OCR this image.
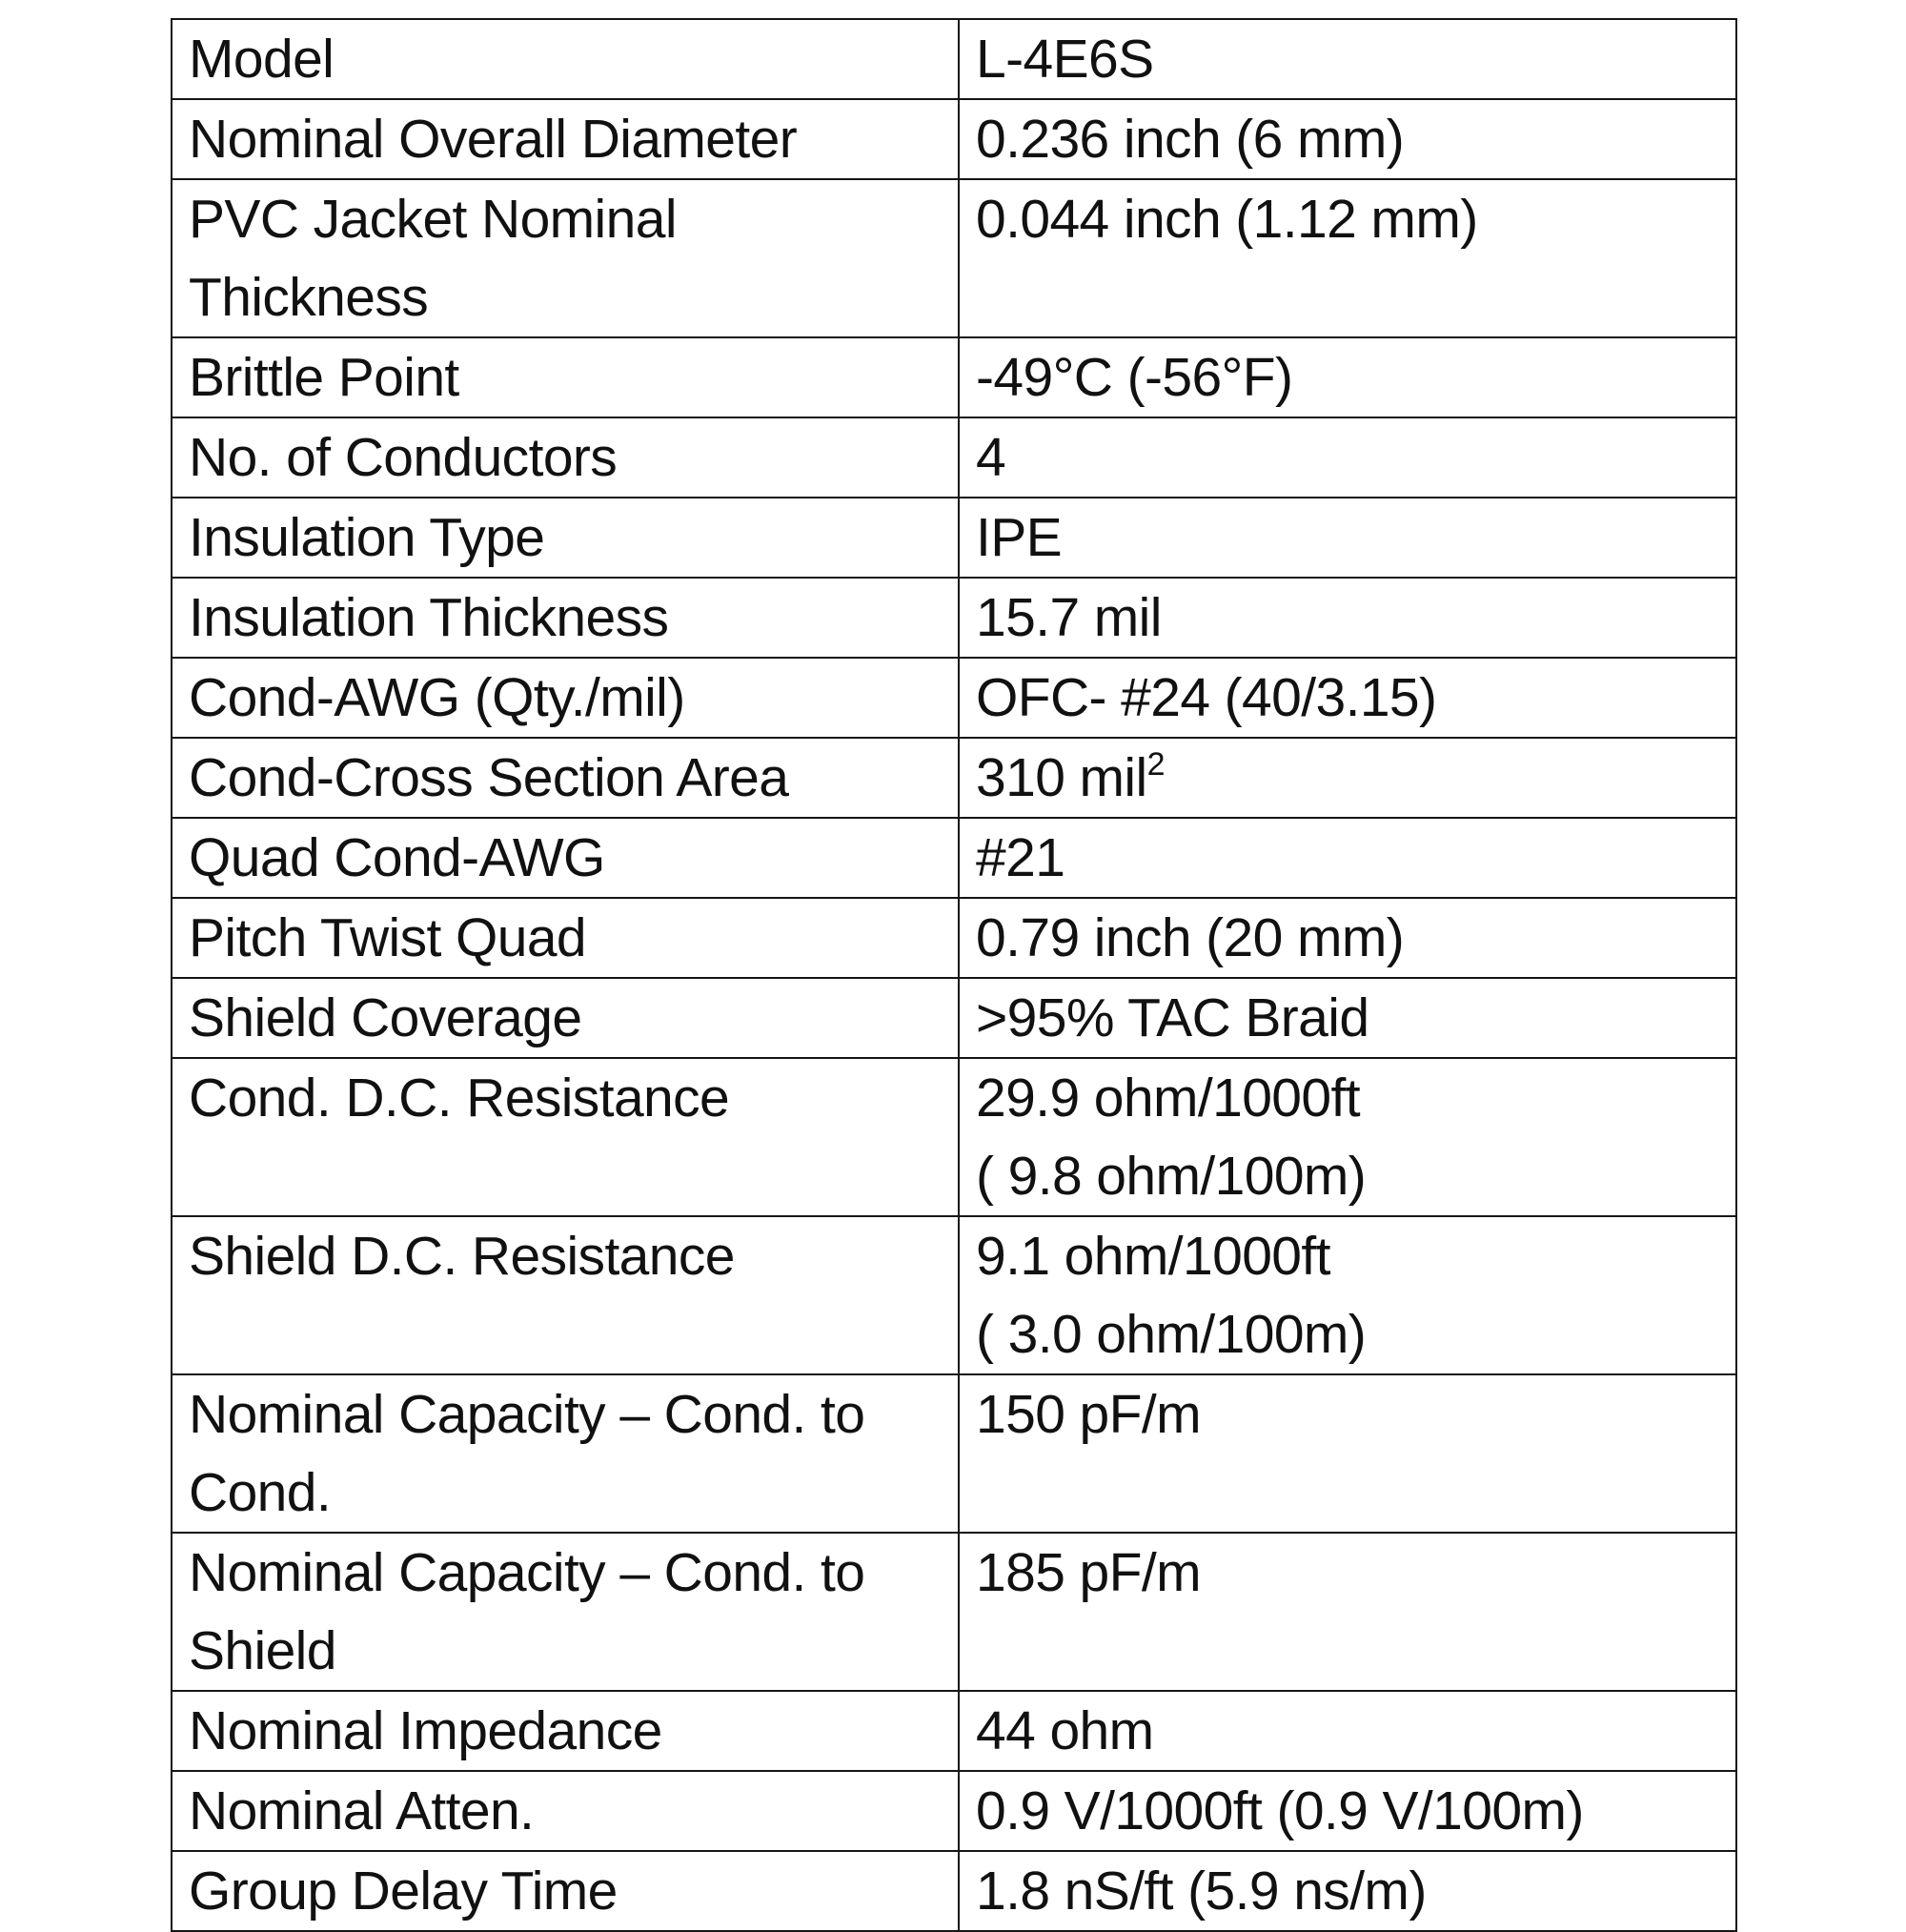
Model	L-4E6S

Nominal Overall Diameter	0.236 inch (6 mm)

PVC Jacket Nominal
Thickness	0.044 inch (1.12 mm)

Brittle Point	-49°C (-56°F)

No. of Conductors	4

Insulation Type	IPE

Insulation Thickness	15.7 mil

Cond-AWG (Qty./mil)	OFC- #24 (40/3.15)

Cond-Cross Section Area	310 mil$^2$

Quad Cond-AWG	#21

Pitch Twist Quad	0.79 inch (20 mm)

Shield Coverage	>95% TAC Braid

Cond. D.C. Resistance	29.9 ohm/1000ft
( 9.8 ohm/100m)

Shield D.C. Resistance	9.1 ohm/1000ft
( 3.0 ohm/100m)

Nominal Capacity – Cond. to
Cond.	150 pF/m

Nominal Capacity – Cond. to
Shield	185 pF/m

Nominal Impedance	44 ohm

Nominal Atten.	0.9 V/1000ft (0.9 V/100m)

Group Delay Time	1.8 nS/ft (5.9 ns/m)
